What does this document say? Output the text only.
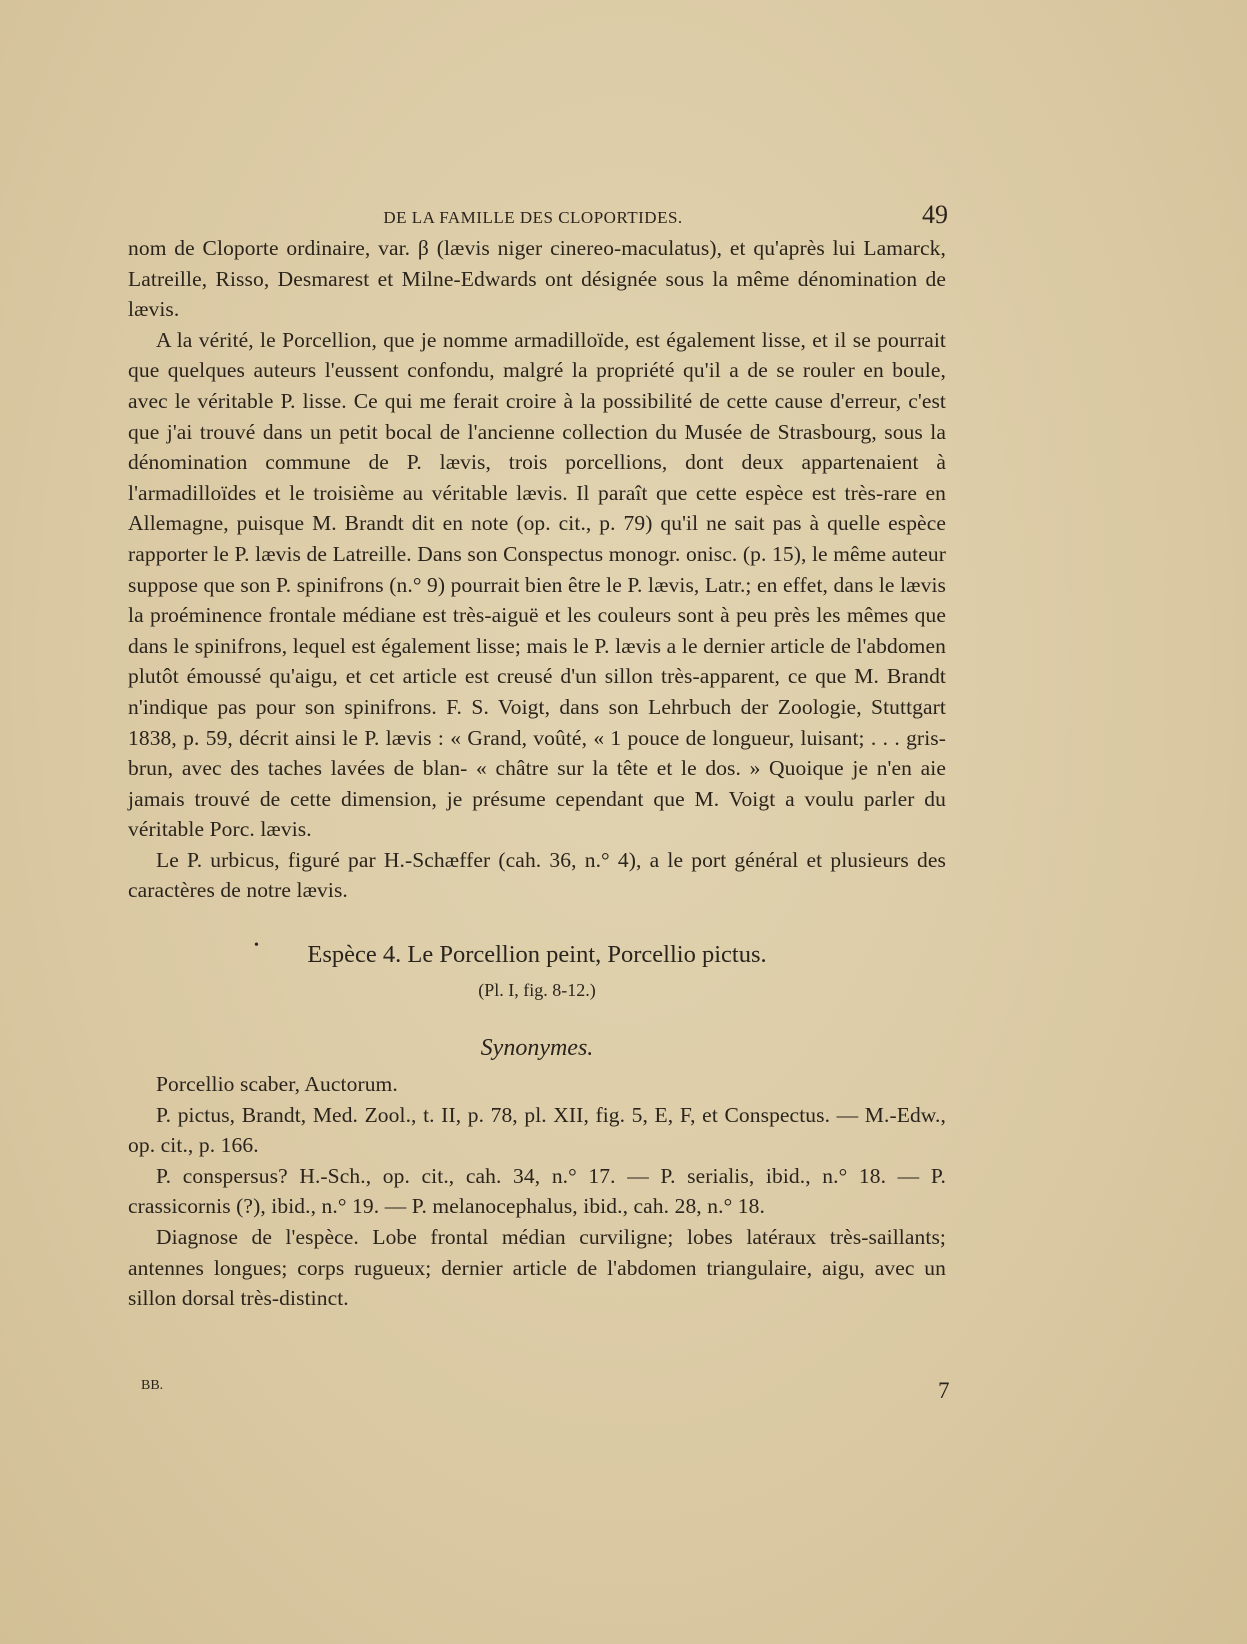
DE LA FAMILLE DES CLOPORTIDES.	49

nom de Cloporte ordinaire, var. β (lævis niger cinereo-maculatus), et qu'après lui Lamarck, Latreille, Risso, Desmarest et Milne-Edwards ont désignée sous la même dénomination de lævis.

A la vérité, le Porcellion, que je nomme armadilloïde, est également lisse, et il se pourrait que quelques auteurs l'eussent confondu, malgré la propriété qu'il a de se rouler en boule, avec le véritable P. lisse. Ce qui me ferait croire à la possibilité de cette cause d'erreur, c'est que j'ai trouvé dans un petit bocal de l'ancienne collection du Musée de Strasbourg, sous la dénomination commune de P. lævis, trois porcellions, dont deux appartenaient à l'armadilloïdes et le troisième au véritable lævis. Il paraît que cette espèce est très-rare en Allemagne, puisque M. Brandt dit en note (op. cit., p. 79) qu'il ne sait pas à quelle espèce rapporter le P. lævis de Latreille. Dans son Conspectus monogr. onisc. (p. 15), le même auteur suppose que son P. spinifrons (n.° 9) pourrait bien être le P. lævis, Latr.; en effet, dans le lævis la proéminence frontale médiane est très-aiguë et les couleurs sont à peu près les mêmes que dans le spinifrons, lequel est également lisse; mais le P. lævis a le dernier article de l'abdomen plutôt émoussé qu'aigu, et cet article est creusé d'un sillon très-apparent, ce que M. Brandt n'indique pas pour son spinifrons. F. S. Voigt, dans son Lehrbuch der Zoologie, Stuttgart 1838, p. 59, décrit ainsi le P. lævis : « Grand, voûté, « 1 pouce de longueur, luisant; . . . gris-brun, avec des taches lavées de blan- « châtre sur la tête et le dos. » Quoique je n'en aie jamais trouvé de cette dimension, je présume cependant que M. Voigt a voulu parler du véritable Porc. lævis.

Le P. urbicus, figuré par H.-Schæffer (cah. 36, n.° 4), a le port général et plusieurs des caractères de notre lævis.

Espèce 4. Le Porcellion peint, Porcellio pictus.
(Pl. I, fig. 8-12.)
Synonymes.

Porcellio scaber, Auctorum.

P. pictus, Brandt, Med. Zool., t. II, p. 78, pl. XII, fig. 5, E, F, et Conspectus. — M.-Edw., op. cit., p. 166.

P. conspersus? H.-Sch., op. cit., cah. 34, n.° 17. — P. serialis, ibid., n.° 18. — P. crassicornis (?), ibid., n.° 19. — P. melanocephalus, ibid., cah. 28, n.° 18.

Diagnose de l'espèce. Lobe frontal médian curviligne; lobes latéraux très-saillants; antennes longues; corps rugueux; dernier article de l'abdomen triangulaire, aigu, avec un sillon dorsal très-distinct.

•
BB.	7
